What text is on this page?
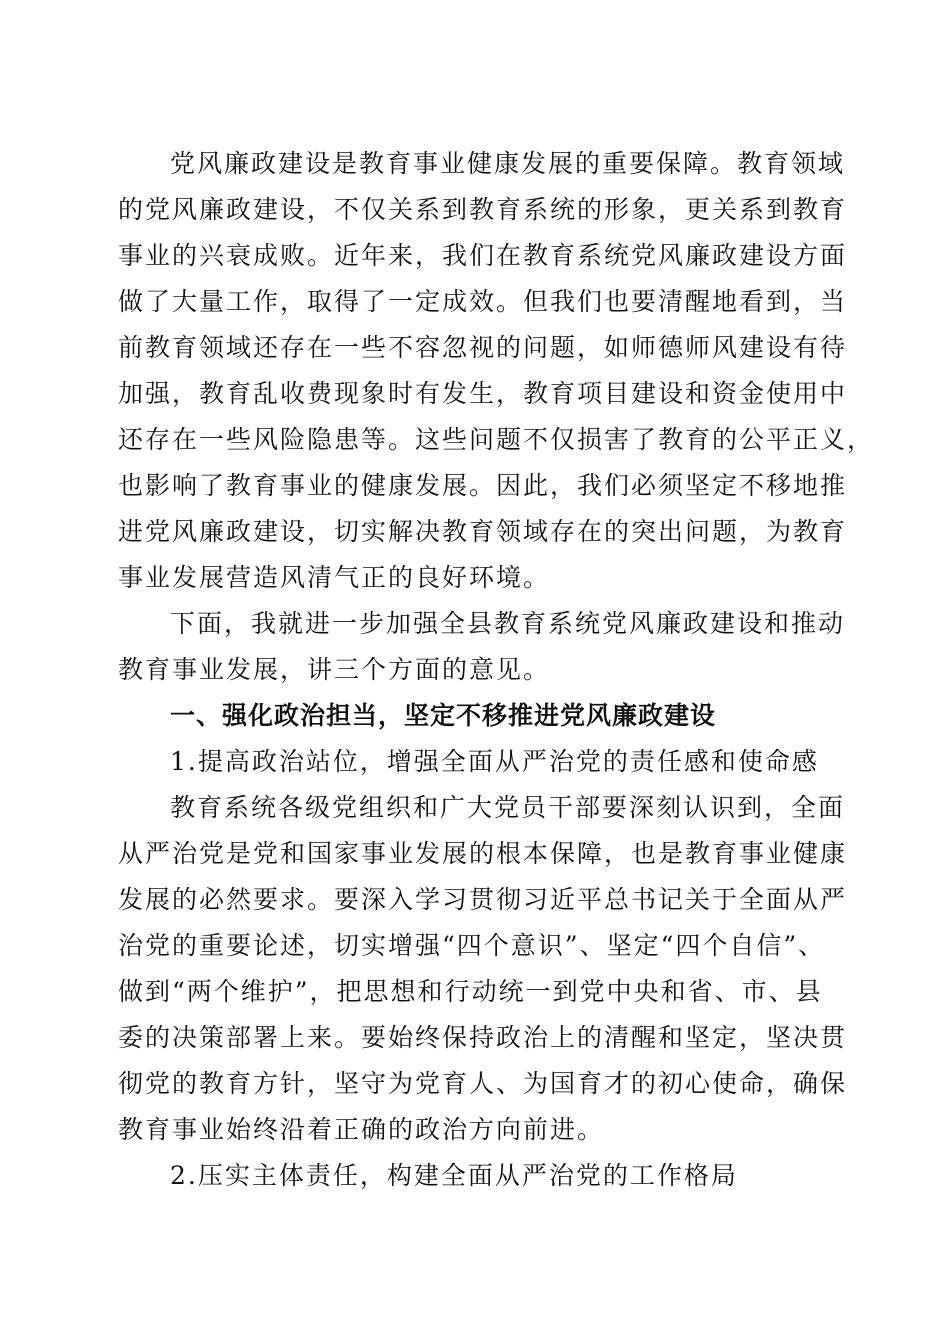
党风廉政建设是教育事业健康发展的重要保障。教育领域
的党风廉政建设，不仅关系到教育系统的形象，更关系到教育
事业的兴衰成败。近年来，我们在教育系统党风廉政建设方面
做了大量工作，取得了一定成效。但我们也要清醒地看到，当
前教育领域还存在一些不容忽视的问题，如师德师风建设有待
加强，教育乱收费现象时有发生，教育项目建设和资金使用中
还存在一些风险隐患等。这些问题不仅损害了教育的公平正义，
也影响了教育事业的健康发展。因此，我们必须坚定不移地推
进党风廉政建设，切实解决教育领域存在的突出问题，为教育
事业发展营造风清气正的良好环境。
下面，我就进一步加强全县教育系统党风廉政建设和推动
教育事业发展，讲三个方面的意见。
一、强化政治担当，坚定不移推进党风廉政建设
1.提高政治站位，增强全面从严治党的责任感和使命感
教育系统各级党组织和广大党员干部要深刻认识到，全面
从严治党是党和国家事业发展的根本保障，也是教育事业健康
发展的必然要求。要深入学习贯彻习近平总书记关于全面从严
治党的重要论述，切实增强“四个意识”、坚定“四个自信”、
做到“两个维护”，把思想和行动统一到党中央和省、市、县
委的决策部署上来。要始终保持政治上的清醒和坚定，坚决贯
彻党的教育方针，坚守为党育人、为国育才的初心使命，确保
教育事业始终沿着正确的政治方向前进。
2.压实主体责任，构建全面从严治党的工作格局
